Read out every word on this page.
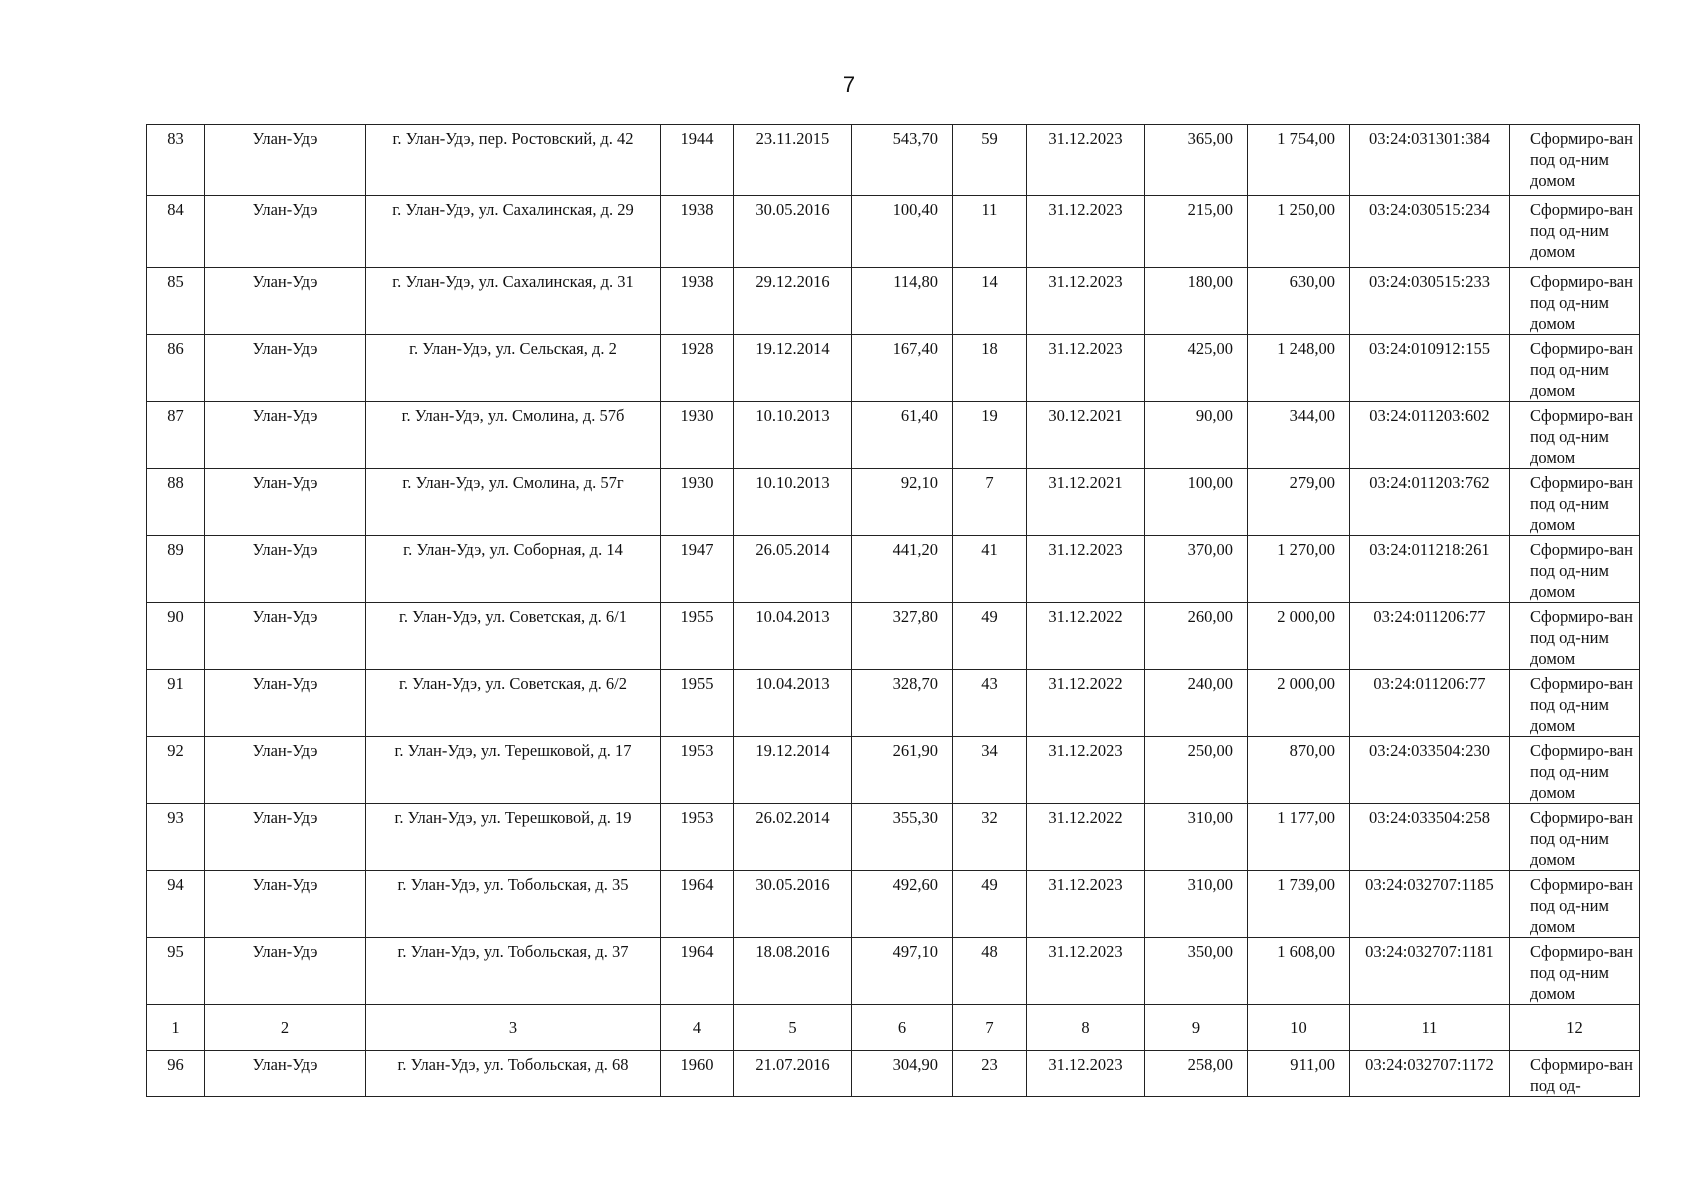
7
83	Улан-Удэ	г. Улан-Удэ, пер. Ростовский, д. 42	1944	23.11.2015	543,70	59	31.12.2023	365,00	1 754,00	03:24:031301:384	Сформиро-ван под од-ним домом
84	Улан-Удэ	г. Улан-Удэ, ул. Сахалинская, д. 29	1938	30.05.2016	100,40	11	31.12.2023	215,00	1 250,00	03:24:030515:234	Сформиро-ван под од-ним домом
85	Улан-Удэ	г. Улан-Удэ, ул. Сахалинская, д. 31	1938	29.12.2016	114,80	14	31.12.2023	180,00	630,00	03:24:030515:233	Сформиро-ван под од-ним домом
86	Улан-Удэ	г. Улан-Удэ, ул. Сельская, д. 2	1928	19.12.2014	167,40	18	31.12.2023	425,00	1 248,00	03:24:010912:155	Сформиро-ван под од-ним домом
87	Улан-Удэ	г. Улан-Удэ, ул. Смолина, д. 57б	1930	10.10.2013	61,40	19	30.12.2021	90,00	344,00	03:24:011203:602	Сформиро-ван под од-ним домом
88	Улан-Удэ	г. Улан-Удэ, ул. Смолина, д. 57г	1930	10.10.2013	92,10	7	31.12.2021	100,00	279,00	03:24:011203:762	Сформиро-ван под од-ним домом
89	Улан-Удэ	г. Улан-Удэ, ул. Соборная, д. 14	1947	26.05.2014	441,20	41	31.12.2023	370,00	1 270,00	03:24:011218:261	Сформиро-ван под од-ним домом
90	Улан-Удэ	г. Улан-Удэ, ул. Советская, д. 6/1	1955	10.04.2013	327,80	49	31.12.2022	260,00	2 000,00	03:24:011206:77	Сформиро-ван под од-ним домом
91	Улан-Удэ	г. Улан-Удэ, ул. Советская, д. 6/2	1955	10.04.2013	328,70	43	31.12.2022	240,00	2 000,00	03:24:011206:77	Сформиро-ван под од-ним домом
92	Улан-Удэ	г. Улан-Удэ, ул. Терешковой, д. 17	1953	19.12.2014	261,90	34	31.12.2023	250,00	870,00	03:24:033504:230	Сформиро-ван под од-ним домом
93	Улан-Удэ	г. Улан-Удэ, ул. Терешковой, д. 19	1953	26.02.2014	355,30	32	31.12.2022	310,00	1 177,00	03:24:033504:258	Сформиро-ван под од-ним домом
94	Улан-Удэ	г. Улан-Удэ, ул. Тобольская, д. 35	1964	30.05.2016	492,60	49	31.12.2023	310,00	1 739,00	03:24:032707:1185	Сформиро-ван под од-ним домом
95	Улан-Удэ	г. Улан-Удэ, ул. Тобольская, д. 37	1964	18.08.2016	497,10	48	31.12.2023	350,00	1 608,00	03:24:032707:1181	Сформиро-ван под од-ним домом
1	2	3	4	5	6	7	8	9	10	11	12
96	Улан-Удэ	г. Улан-Удэ, ул. Тобольская, д. 68	1960	21.07.2016	304,90	23	31.12.2023	258,00	911,00	03:24:032707:1172	Сформиро-ван под од-
